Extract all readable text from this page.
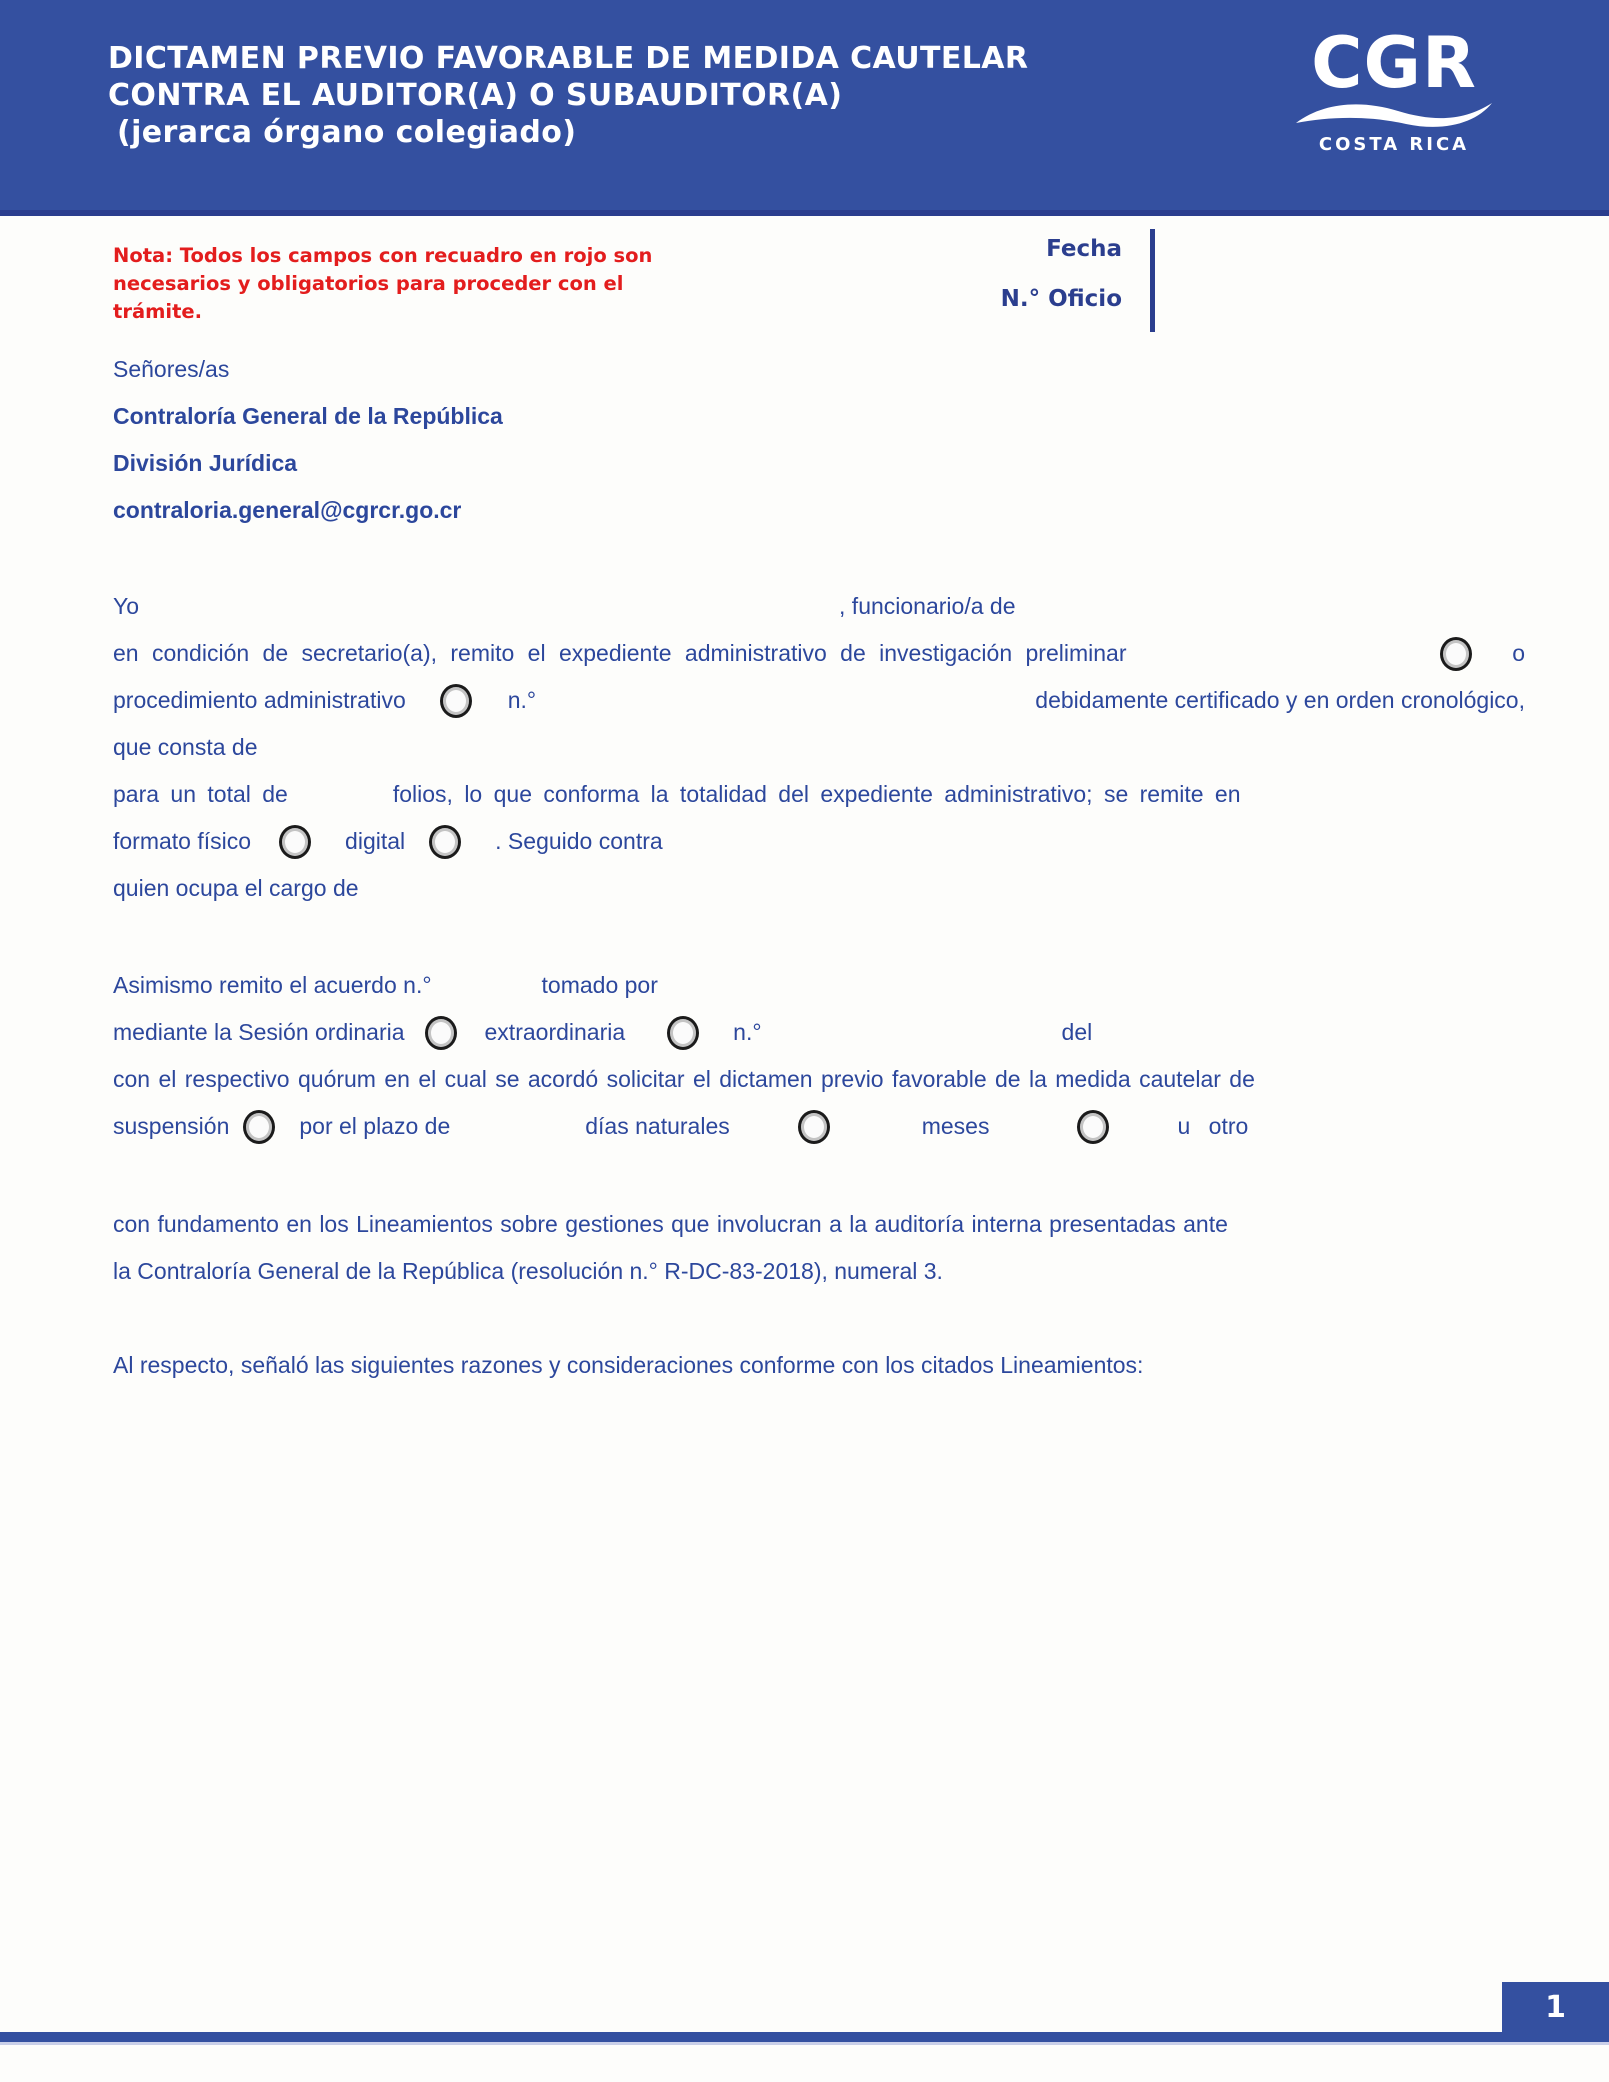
DICTAMEN PREVIO FAVORABLE DE MEDIDA CAUTELAR
CONTRA EL AUDITOR(A) O SUBAUDITOR(A)
(jerarca órgano colegiado)
CGR
COSTA RICA
Nota: Todos los campos con recuadro en rojo son necesarios y obligatorios para proceder con el trámite.
Fecha
N.° Oficio
Señores/as
Contraloría General de la República
División Jurídica
contraloria.general@cgrcr.go.cr
Yo	, funcionario/a de
en condición de secretario(a), remito el expediente administrativo de investigación preliminar	o
procedimiento administrativo	n.°	debidamente certificado y en orden cronológico,
que consta de
para un total de	folios, lo que conforma la totalidad del expediente administrativo; se remite en
formato físico	digital	. Seguido contra
quien ocupa el cargo de
Asimismo remito el acuerdo n.°	tomado por
mediante la Sesión ordinaria	extraordinaria	n.°	del
con el respectivo quórum en el cual se acordó solicitar el dictamen previo favorable de la medida cautelar de
suspensión	por el plazo de	días naturales	meses	u otro
con fundamento en los Lineamientos sobre gestiones que involucran a la auditoría interna presentadas ante
la Contraloría General de la República (resolución n.° R-DC-83-2018), numeral 3.
Al respecto, señaló las siguientes razones y consideraciones conforme con los citados Lineamientos:
1
